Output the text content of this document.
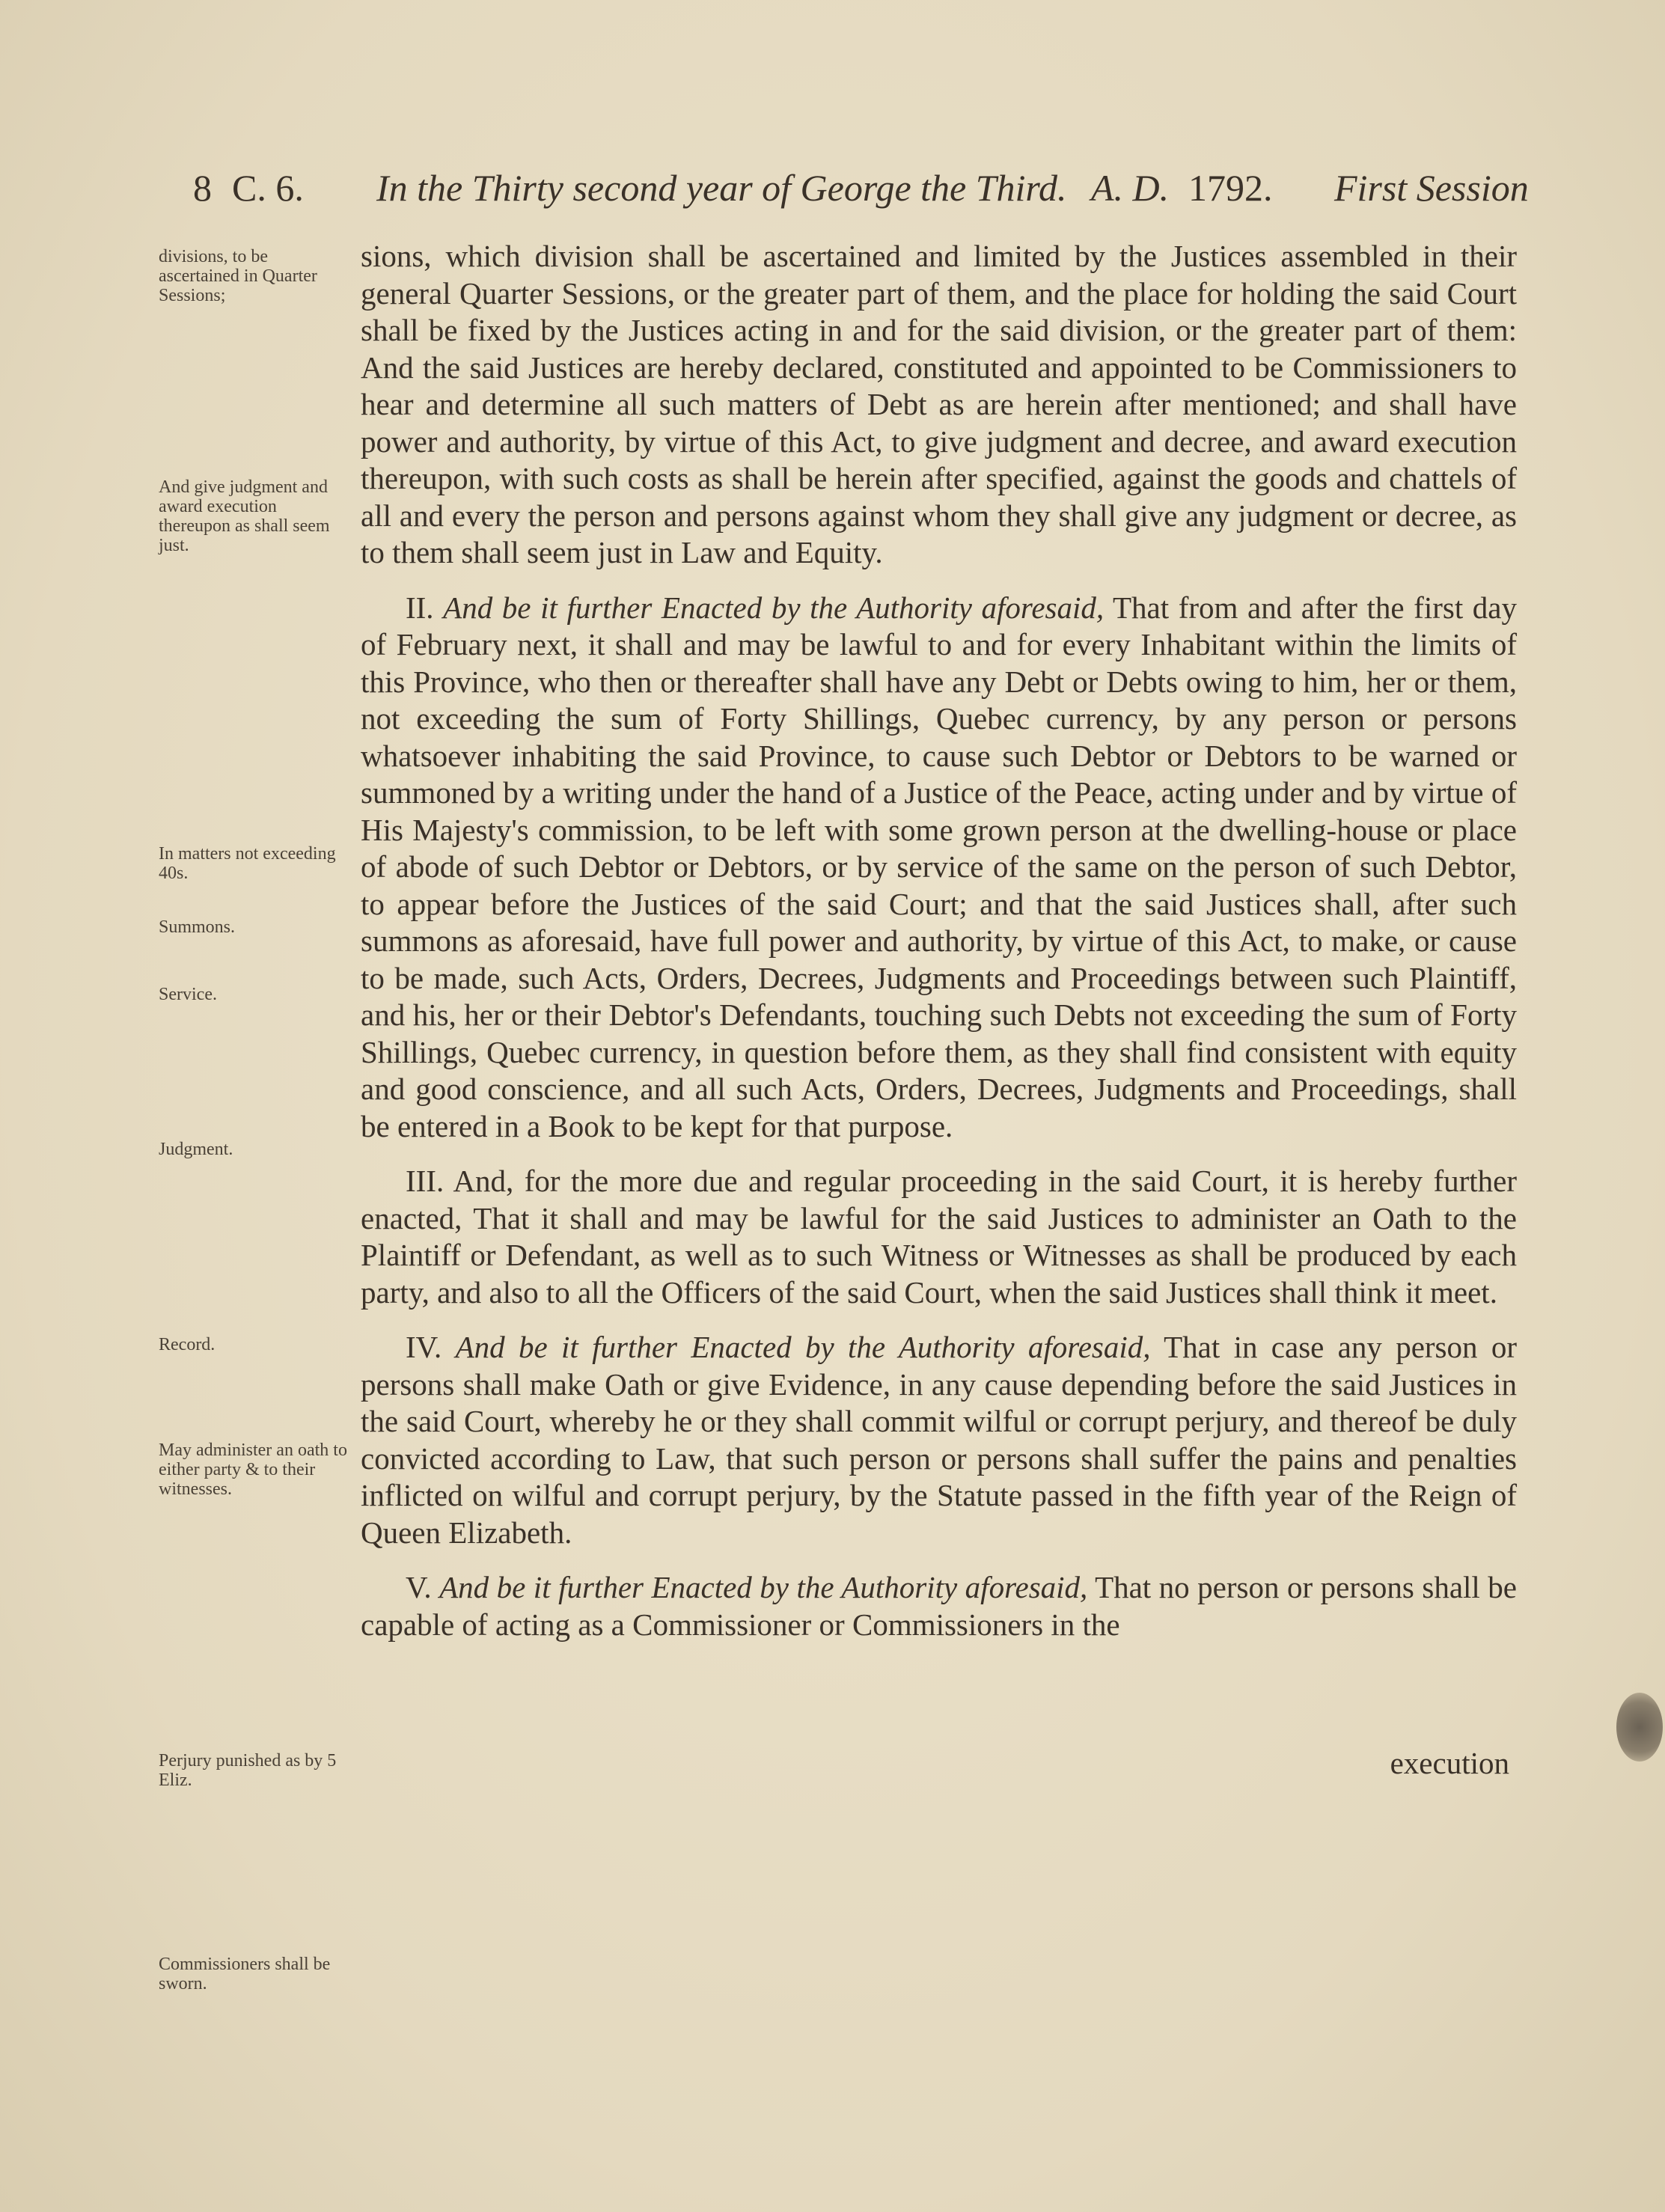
8 C. 6. In the Thirty second year of George the Third. A. D. 1792. First Session
divisions, to be ascertained in Quarter Sessions;
And give judgment and award execution thereupon as shall seem just.
In matters not exceeding 40s.
Summons.
Service.
Judgment.
Record.
May administer an oath to either party & to their witnesses.
Perjury punished as by 5 Eliz.
Commissioners shall be sworn.

sions, which division shall be ascertained and limited by the Justices assembled in their general Quarter Sessions, or the greater part of them, and the place for holding the said Court shall be fixed by the Justices acting in and for the said division, or the greater part of them: And the said Justices are hereby declared, constituted and appointed to be Commissioners to hear and determine all such matters of Debt as are herein after mentioned; and shall have power and authority, by virtue of this Act, to give judgment and decree, and award execution thereupon, with such costs as shall be herein after specified, against the goods and chattels of all and every the person and persons against whom they shall give any judgment or decree, as to them shall seem just in Law and Equity.

II. And be it further Enacted by the Authority aforesaid, That from and after the first day of February next, it shall and may be lawful to and for every Inhabitant within the limits of this Province, who then or thereafter shall have any Debt or Debts owing to him, her or them, not exceeding the sum of Forty Shillings, Quebec currency, by any person or persons whatsoever inhabiting the said Province, to cause such Debtor or Debtors to be warned or summoned by a writing under the hand of a Justice of the Peace, acting under and by virtue of His Majesty's commission, to be left with some grown person at the dwelling-house or place of abode of such Debtor or Debtors, or by service of the same on the person of such Debtor, to appear before the Justices of the said Court; and that the said Justices shall, after such summons as aforesaid, have full power and authority, by virtue of this Act, to make, or cause to be made, such Acts, Orders, Decrees, Judgments and Proceedings between such Plaintiff, and his, her or their Debtor's Defendants, touching such Debts not exceeding the sum of Forty Shillings, Quebec currency, in question before them, as they shall find consistent with equity and good conscience, and all such Acts, Orders, Decrees, Judgments and Proceedings, shall be entered in a Book to be kept for that purpose.

III. And, for the more due and regular proceeding in the said Court, it is hereby further enacted, That it shall and may be lawful for the said Justices to administer an Oath to the Plaintiff or Defendant, as well as to such Witness or Witnesses as shall be produced by each party, and also to all the Officers of the said Court, when the said Justices shall think it meet.

IV. And be it further Enacted by the Authority aforesaid, That in case any person or persons shall make Oath or give Evidence, in any cause depending before the said Justices in the said Court, whereby he or they shall commit wilful or corrupt perjury, and thereof be duly convicted according to Law, that such person or persons shall suffer the pains and penalties inflicted on wilful and corrupt perjury, by the Statute passed in the fifth year of the Reign of Queen Elizabeth.

V. And be it further Enacted by the Authority aforesaid, That no person or persons shall be capable of acting as a Commissioner or Commissioners in the

execution
